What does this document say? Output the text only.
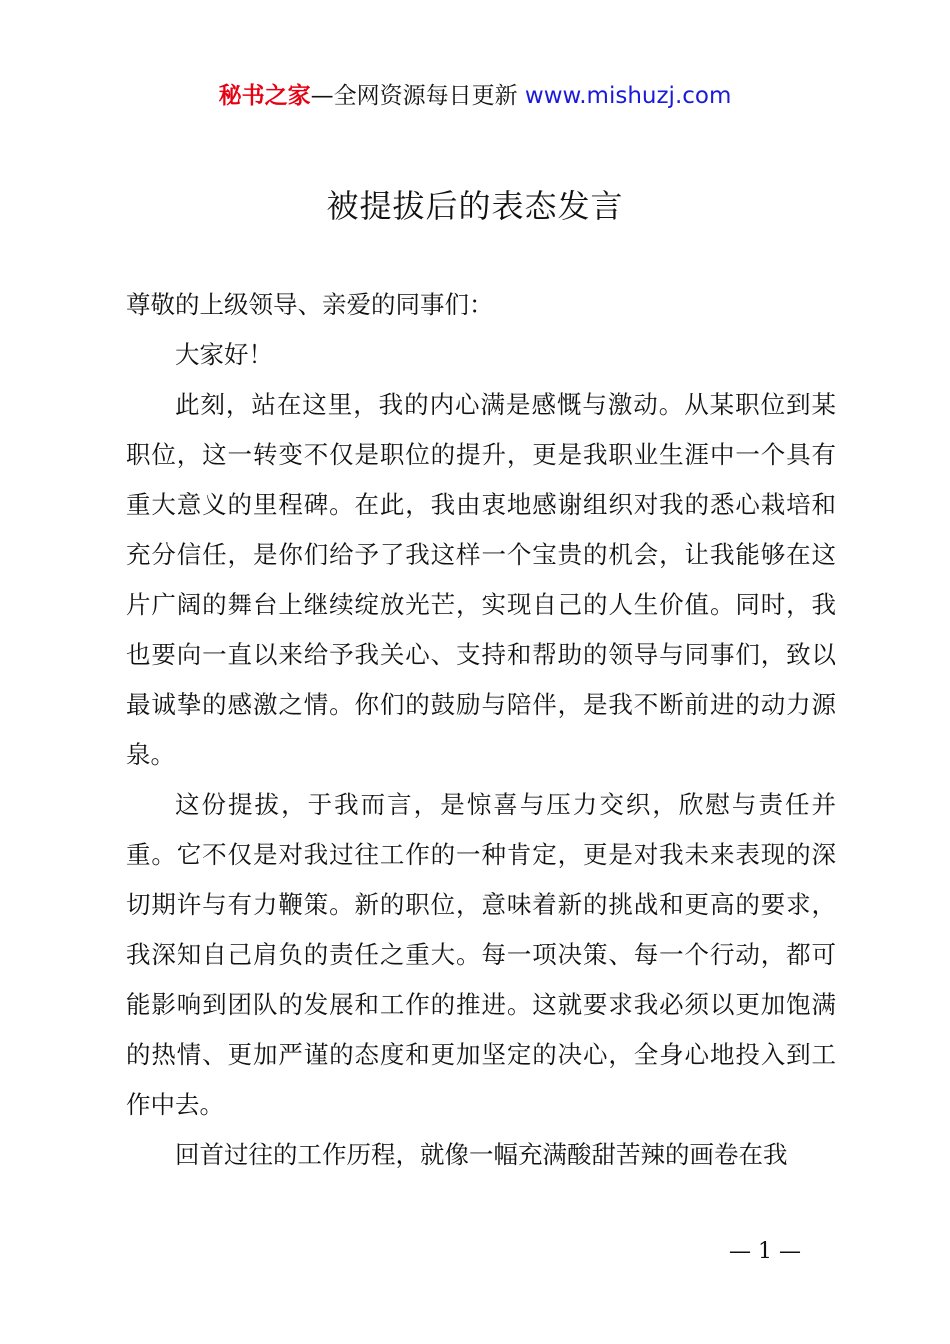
秘书之家—全网资源每日更新 www.mishuzj.com
被提拔后的表态发言

尊敬的上级领导、亲爱的同事们：

大家好！

此刻，站在这里，我的内心满是感慨与激动。从某职位到某职位，这一转变不仅是职位的提升，更是我职业生涯中一个具有重大意义的里程碑。在此，我由衷地感谢组织对我的悉心栽培和充分信任，是你们给予了我这样一个宝贵的机会，让我能够在这片广阔的舞台上继续绽放光芒，实现自己的人生价值。同时，我也要向一直以来给予我关心、支持和帮助的领导与同事们，致以最诚挚的感激之情。你们的鼓励与陪伴，是我不断前进的动力源泉。

这份提拔，于我而言，是惊喜与压力交织，欣慰与责任并重。它不仅是对我过往工作的一种肯定，更是对我未来表现的深切期许与有力鞭策。新的职位，意味着新的挑战和更高的要求，我深知自己肩负的责任之重大。每一项决策、每一个行动，都可能影响到团队的发展和工作的推进。这就要求我必须以更加饱满的热情、更加严谨的态度和更加坚定的决心，全身心地投入到工作中去。

回首过往的工作历程，就像一幅充满酸甜苦辣的画卷在我

— 1 —
